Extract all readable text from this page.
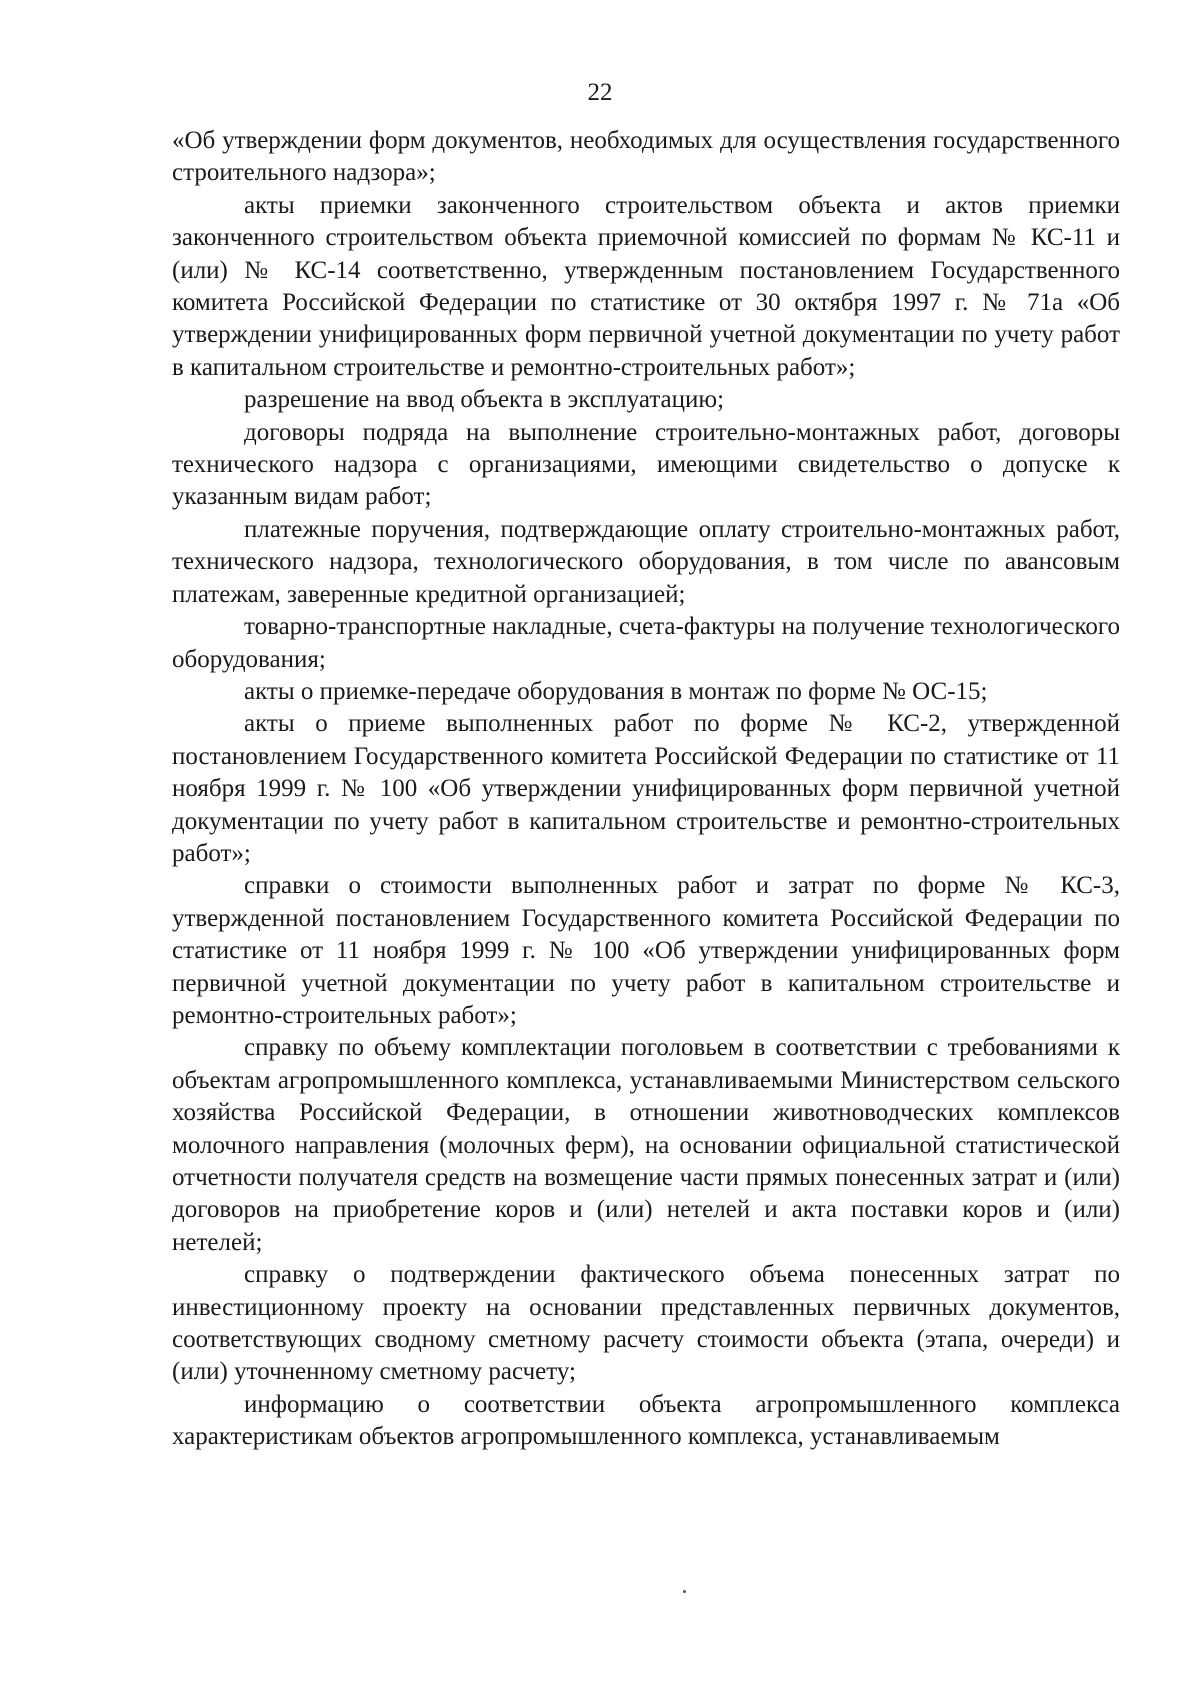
22

«Об утверждении форм документов, необходимых для осуществления государственного строительного надзора»;

акты приемки законченного строительством объекта и актов приемки законченного строительством объекта приемочной комиссией по формам № КС-11 и (или) № КС-14 соответственно, утвержденным постановлением Государственного комитета Российской Федерации по статистике от 30 октября 1997 г. № 71а «Об утверждении унифицированных форм первичной учетной документации по учету работ в капитальном строительстве и ремонтно-строительных работ»;

разрешение на ввод объекта в эксплуатацию;

договоры подряда на выполнение строительно-монтажных работ, договоры технического надзора с организациями, имеющими свидетельство о допуске к указанным видам работ;

платежные поручения, подтверждающие оплату строительно-монтажных работ, технического надзора, технологического оборудования, в том числе по авансовым платежам, заверенные кредитной организацией;

товарно-транспортные накладные, счета-фактуры на получение технологического оборудования;

акты о приемке-передаче оборудования в монтаж по форме № ОС-15;

акты о приеме выполненных работ по форме № КС-2, утвержденной постановлением Государственного комитета Российской Федерации по статистике от 11 ноября 1999 г. № 100 «Об утверждении унифицированных форм первичной учетной документации по учету работ в капитальном строительстве и ремонтно-строительных работ»;

справки о стоимости выполненных работ и затрат по форме № КС-3, утвержденной постановлением Государственного комитета Российской Федерации по статистике от 11 ноября 1999 г. № 100 «Об утверждении унифицированных форм первичной учетной документации по учету работ в капитальном строительстве и ремонтно-строительных работ»;

справку по объему комплектации поголовьем в соответствии с требованиями к объектам агропромышленного комплекса, устанавливаемыми Министерством сельского хозяйства Российской Федерации, в отношении животноводческих комплексов молочного направления (молочных ферм), на основании официальной статистической отчетности получателя средств на возмещение части прямых понесенных затрат и (или) договоров на приобретение коров и (или) нетелей и акта поставки коров и (или) нетелей;

справку о подтверждении фактического объема понесенных затрат по инвестиционному проекту на основании представленных первичных документов, соответствующих сводному сметному расчету стоимости объекта (этапа, очереди) и (или) уточненному сметному расчету;

информацию о соответствии объекта агропромышленного комплекса характеристикам объектов агропромышленного комплекса, устанавливаемым
